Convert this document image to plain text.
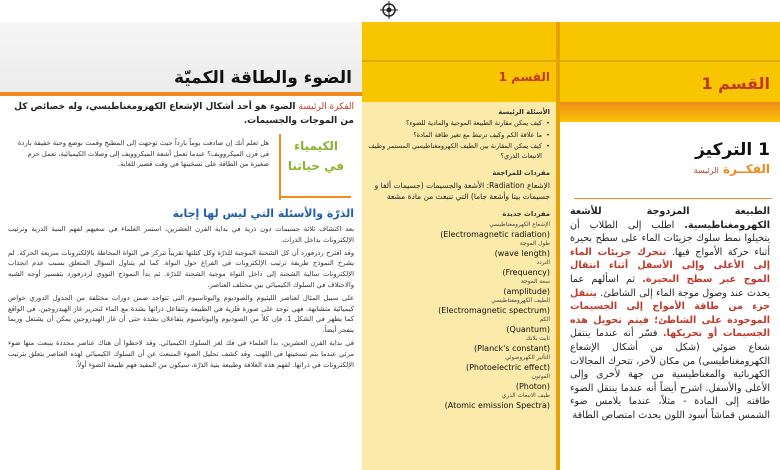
الضوء والطاقة الكميّة
الفكرة الرئيسة الضوء هو أحد أشكال الإشعاع الكهرومغناطيسي، وله خصائص كل من الموجات والجسيمات.
الكيمياء
في حياتنا
هل تعلم أنك إن صادفت يوماً بارداً حيث توجهت إلى المطبخ وقمت بوضع وجبة خفيفة باردة في فرن الميكروويف؟ عندما تعمل أشعة الميكروويف إلى وصلات الكيميائية، تعمل حزم صغيرة من الطاقة على تسخينها في وقت قصير للغاية.
الذرّة والأسئلة التي ليس لها إجابة

بعد اكتشاف ثلاثة جسيمات دون ذرية في بداية القرن العشرين، استمر العلماء في سعيهم لفهم البنية الذرية وترتيب الإلكترونات بداخل الذرات.

وقد اقترح رذرفورد أن كل الشحنة الموجبة للذرّة وكل كتلتها تقريباً تتركز في النواة المحاطة بالإلكترونات سريعة الحركة. لم يشرح النموذج طريقة ترتيب الإلكترونات في الفراغ حول النواة. كما لم يتناول السؤال المتعلق بسبب عدم انجذاب الإلكترونات سالبة الشحنة إلى داخل النواة موجبة الشحنة للذرّة. ثم بدأ النموذج النووي لرذرفورد بتفسير أوجه الشبه والاختلاف في السلوك الكيميائي بين مختلف العناصر.

على سبيل المثال لعناصر الليثيوم والصوديوم والبوتاسيوم التي تتواجد ضمن دورات مختلفة من الجدول الدوري خواص كيميائية متشابهة. فهي توجد على صورة فلزية في الطبيعة وتتفاعل ذراتها بشدة مع الماء لتحرير غاز الهيدروجين. في الواقع كما يظهر في الشكل 1، فإن كلاً من الصوديوم والبوتاسيوم يتفاعلان بشدة حتى أن غاز الهيدروجين يمكن أن يشتعل وربما ينفجر أيضاً.

في بداية القرن العشرين، بدأ العلماء في فك لغز السلوك الكيميائي. وقد لاحظوا أن هناك عناصر محددة ينبعث منها ضوء مرئي عندما يتم تسخينها في اللهب. وقد كشف تحليل الضوء المنبعث عن أن السلوك الكيميائي لهذه العناصر يتعلق بترتيب الإلكترونات في ذراتها. لفهم هذه العلاقة وطبيعة بنية الذرّة، سيكون من المفيد فهم طبيعة الضوء أولاً.

القسم 1
الأسئلة الرئيسة
• كيف يمكن مقارنة الطبيعة الموجية والمادية للضوء؟
• ما علاقة الكم وكيف ترتبط مع تغير طاقة المادة؟
• كيف يمكن المقارنة بين الطيف الكهرومغناطيسي المستمر وطيف الانبعاث الذري؟
مفردات للمراجعة
الإشعاع Radiation: الأشعة والجسيمات (جسيمات ألفا و جسيمات بيتا وأشعة جاما) التي تنبعث من مادة مشعة
مفردات جديدة
الإشعاع الكهرومغناطيسي
(Electromagnetic radiation)
طول الموجة
(wave length)
التردد
(Frequency)
سعة الموجة
(amplitude)
الطيف الكهرومغناطيسي
(Electromagnetic spectrum)
الكم
(Quantum)
ثابت بلانك
(Planck's constant)
التأثير الكهروضوئي
(Photoelectric effect)
الفوتون
(Photon)
طيف الانبعاث الذري
(Atomic emission Spectra)
القسم 1
1 التركيز
الفكــرة الرئيسة
الطبيعة المزدوجة للأشعة الكهرومغناطيسية. اطلب إلى الطلاب أن يتخيلوا نمط سلوك جزيئات الماء على سطح بحيرة أثناء حركة الأمواج فيها. تتحرك جزيئات الماء إلى الأعلى وإلى الأسفل أثناء انتقال الموج عبر سطح البحيرة. ثم اسألهم عما يحدث عند وصول موجة الماء إلى الشاطئ. ينتقل جزء من طاقة الأمواج إلى الجسيمات الموجودة على الشاطئ؛ فيتم تحويل هذه الجسيمات أو تحريكها. فسّر أنه عندما ينتقل شعاع ضوئي (شكل من أشكال الإشعاع الكهرومغناطيسي) من مكان لآخر، تتحرك المجالات الكهربائية والمغناطيسية من جهة لأخرى وإلى الأعلى والأسفل. اشرح أيضاً أنه عندما ينتقل الضوء طاقته إلى المادة - مثلاً، عندما يلامس ضوء الشمس قماشاً أسود اللون يحدث امتصاص الطاقة
